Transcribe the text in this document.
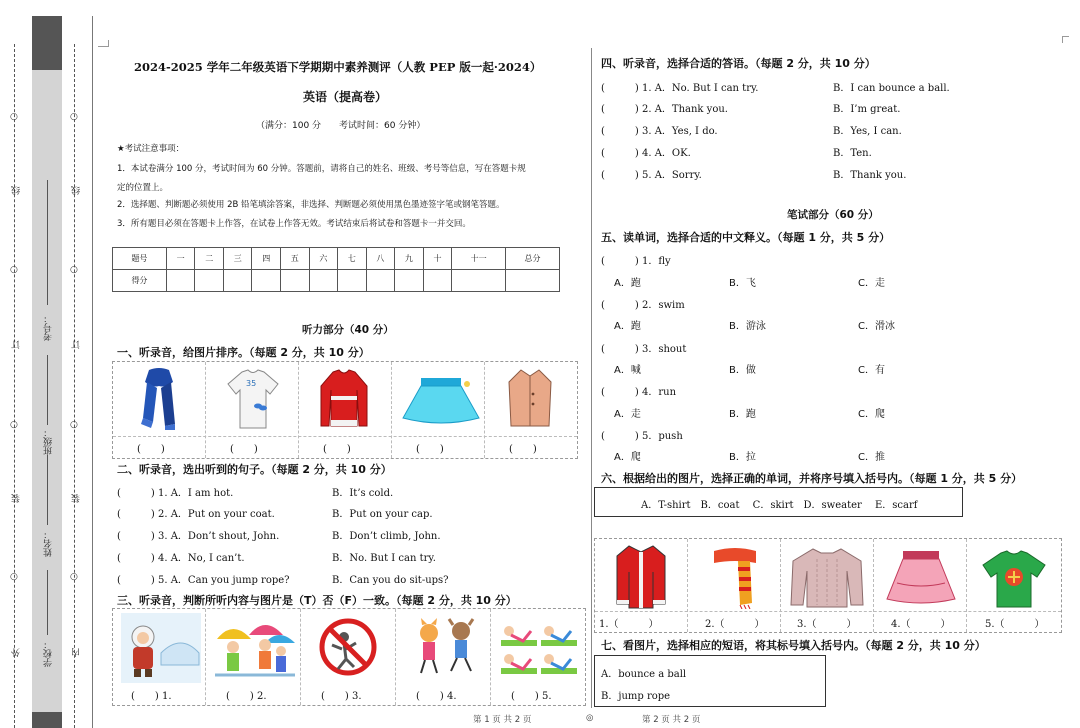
○
○
○
○
○
○
○
○
线	线
订	订
装	装
外	内
考号：
班级：
姓名：
学校：
2024-2025 学年二年级英语下学期期中素养测评（人教 PEP 版一起·2024）
英语（提高卷）
（满分：100 分　　考试时间：60 分钟）
★考试注意事项：
1．本试卷满分 100 分，考试时间为 60 分钟。答题前，请将自己的姓名、班级、考号等信息，写在答题卡规
定的位置上。
2．选择题、判断题必须使用 2B 铅笔填涂答案，非选择、判断题必须使用黑色墨迹签字笔或钢笔答题。
3．所有题目必须在答题卡上作答，在试卷上作答无效。考试结束后将试卷和答题卡一并交回。
题号	一	二	三	四	五	六	七	八	九	十	十一	总分
得分												
听力部分（40 分）
一、听录音，给图片排序。（每题 2 分，共 10 分）
35
(　　)	(　　)	(　　)	(　　)	(　　)
二、听录音，选出听到的句子。（每题 2 分，共 10 分）
(　　　) 1. A．I am hot.	B．It’s cold.
(　　　) 2. A．Put on your coat.	B．Put on your cap.
(　　　) 3. A．Don’t shout, John.	B．Don’t climb, John.
(　　　) 4. A．No, I can’t.	B．No. But I can try.
(　　　) 5. A．Can you jump rope?	B．Can you do sit-ups?
三、听录音，判断所听内容与图片是（T）否（F）一致。（每题 2 分，共 10 分）
(　　) 1.	(　　) 2.	(　　) 3.	(　　) 4.	(　　) 5.
四、听录音，选择合适的答语。（每题 2 分，共 10 分）
(　　　) 1. A．No. But I can try.	B．I can bounce a ball.
(　　　) 2. A．Thank you.	B．I’m great.
(　　　) 3. A．Yes, I do.	B．Yes, I can.
(　　　) 4. A．OK.	B．Ten.
(　　　) 5. A．Sorry.	B．Thank you.
笔试部分（60 分）
五、读单词，选择合适的中文释义。（每题 1 分，共 5 分）
(　　　) 1．fly
A．跑	B．飞	C．走
(　　　) 2．swim
A．跑	B．游泳	C．滑冰
(　　　) 3．shout
A．喊	B．做	C．有
(　　　) 4．run
A．走	B．跑	C．爬
(　　　) 5．push
A．爬	B．拉	C．推
六、根据给出的图片，选择正确的单词，并将序号填入括号内。（每题 1 分，共 5 分）
A．T-shirt　B．coat　 C．skirt　D．sweater　 E．scarf
1.（　　　）	2.（　　　）	3.（　　　）	4.（　　　）	5.（　　　）
七、看图片，选择相应的短语，将其标号填入括号内。（每题 2 分，共 10 分）
A．bounce a ball
B．jump rope
第 1 页 共 2 页	◎	第 2 页 共 2 页
